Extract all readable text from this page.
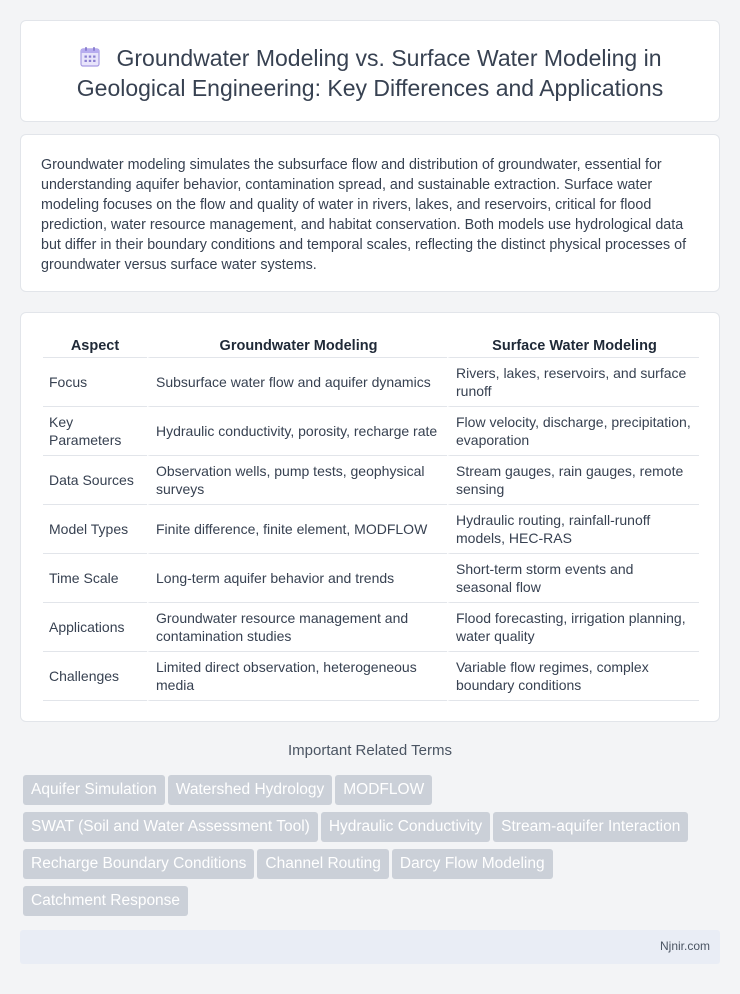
Groundwater Modeling vs. Surface Water Modeling in Geological Engineering: Key Differences and Applications

Groundwater modeling simulates the subsurface flow and distribution of groundwater, essential for understanding aquifer behavior, contamination spread, and sustainable extraction. Surface water modeling focuses on the flow and quality of water in rivers, lakes, and reservoirs, critical for flood prediction, water resource management, and habitat conservation. Both models use hydrological data but differ in their boundary conditions and temporal scales, reflecting the distinct physical processes of groundwater versus surface water systems.

Aspect	Groundwater Modeling	Surface Water Modeling
Focus	Subsurface water flow and aquifer dynamics	Rivers, lakes, reservoirs, and surface runoff
Key Parameters	Hydraulic conductivity, porosity, recharge rate	Flow velocity, discharge, precipitation, evaporation
Data Sources	Observation wells, pump tests, geophysical surveys	Stream gauges, rain gauges, remote sensing
Model Types	Finite difference, finite element, MODFLOW	Hydraulic routing, rainfall-runoff models, HEC-RAS
Time Scale	Long-term aquifer behavior and trends	Short-term storm events and seasonal flow
Applications	Groundwater resource management and contamination studies	Flood forecasting, irrigation planning, water quality
Challenges	Limited direct observation, heterogeneous media	Variable flow regimes, complex boundary conditions
Important Related Terms
Aquifer Simulation Watershed Hydrology MODFLOW
SWAT (Soil and Water Assessment Tool) Hydraulic Conductivity Stream-aquifer Interaction
Recharge Boundary Conditions Channel Routing Darcy Flow Modeling
Catchment Response
Njnir.com
